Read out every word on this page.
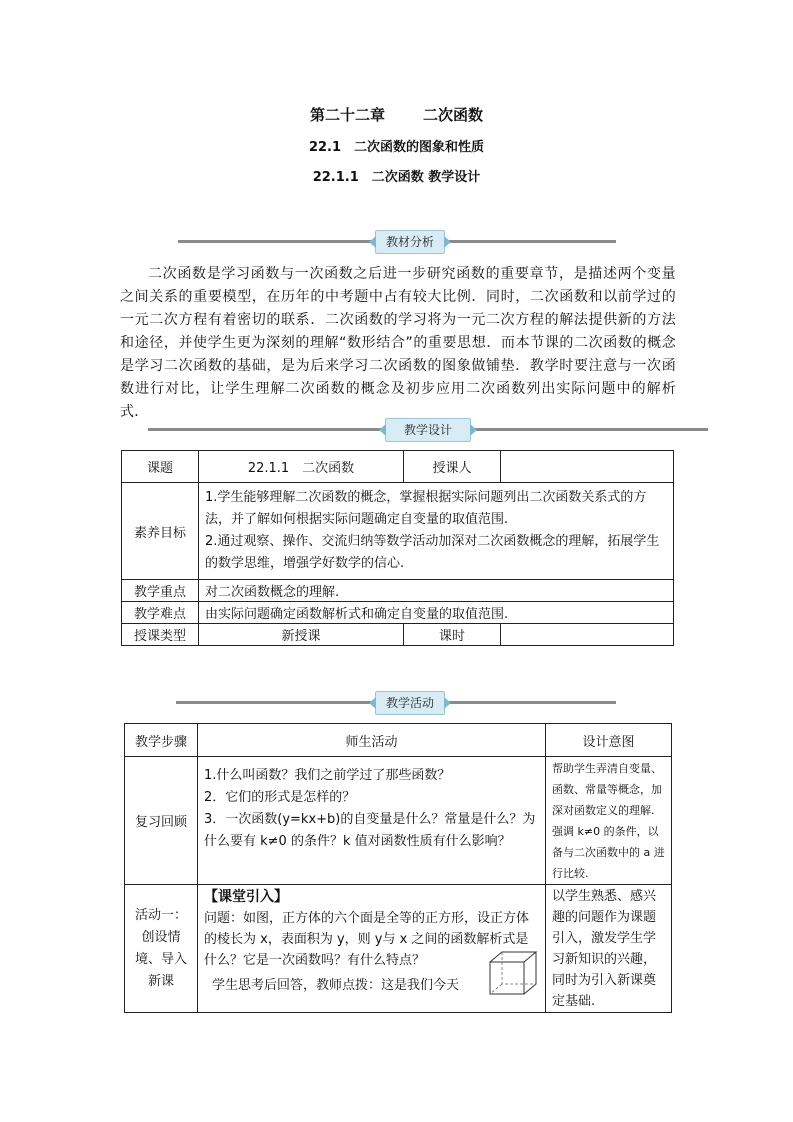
第二十二章	二次函数
22.1　二次函数的图象和性质
22.1.1　二次函数 教学设计
教材分析
二次函数是学习函数与一次函数之后进一步研究函数的重要章节，是描述两个变量之间关系的重要模型，在历年的中考题中占有较大比例．同时，二次函数和以前学过的一元二次方程有着密切的联系．二次函数的学习将为一元二次方程的解法提供新的方法和途径，并使学生更为深刻的理解“数形结合”的重要思想．而本节课的二次函数的概念是学习二次函数的基础，是为后来学习二次函数的图象做铺垫．教学时要注意与一次函数进行对比，让学生理解二次函数的概念及初步应用二次函数列出实际问题中的解析式．
教学设计
课题	22.1.1　二次函数	授课人	
素养目标	1.学生能够理解二次函数的概念，掌握根据实际问题列出二次函数关系式的方法，并了解如何根据实际问题确定自变量的取值范围.
2.通过观察、操作、交流归纳等数学活动加深对二次函数概念的理解，拓展学生的数学思维，增强学好数学的信心.		

教学重点	对二次函数概念的理解.		
教学难点	由实际问题确定函数解析式和确定自变量的取值范围.		
授课类型	新授课	课时	
教学活动
教学步骤	师生活动	设计意图
复习回顾	1.什么叫函数？我们之前学过了那些函数？
2．它们的形式是怎样的？
3．一次函数(y=kx+b)的自变量是什么？常量是什么？为什么要有 k≠0 的条件？k 值对函数性质有什么影响？	帮助学生弄清自变量、函数、常量等概念，加深对函数定义的理解.强调 k≠0 的条件，以备与二次函数中的 a 进行比较.
活动一：创设情境、导入新课	【课堂引入】
问题：如图，正方体的六个面是全等的正方形，设正方体的棱长为 x，表面积为 y，则 y与 x 之间的函数解析式是什么？它是一次函数吗？有什么特点？
学生思考后回答，教师点拨：这是我们今天	以学生熟悉、感兴趣的问题作为课题引入，激发学生学习新知识的兴趣，同时为引入新课奠定基础.
